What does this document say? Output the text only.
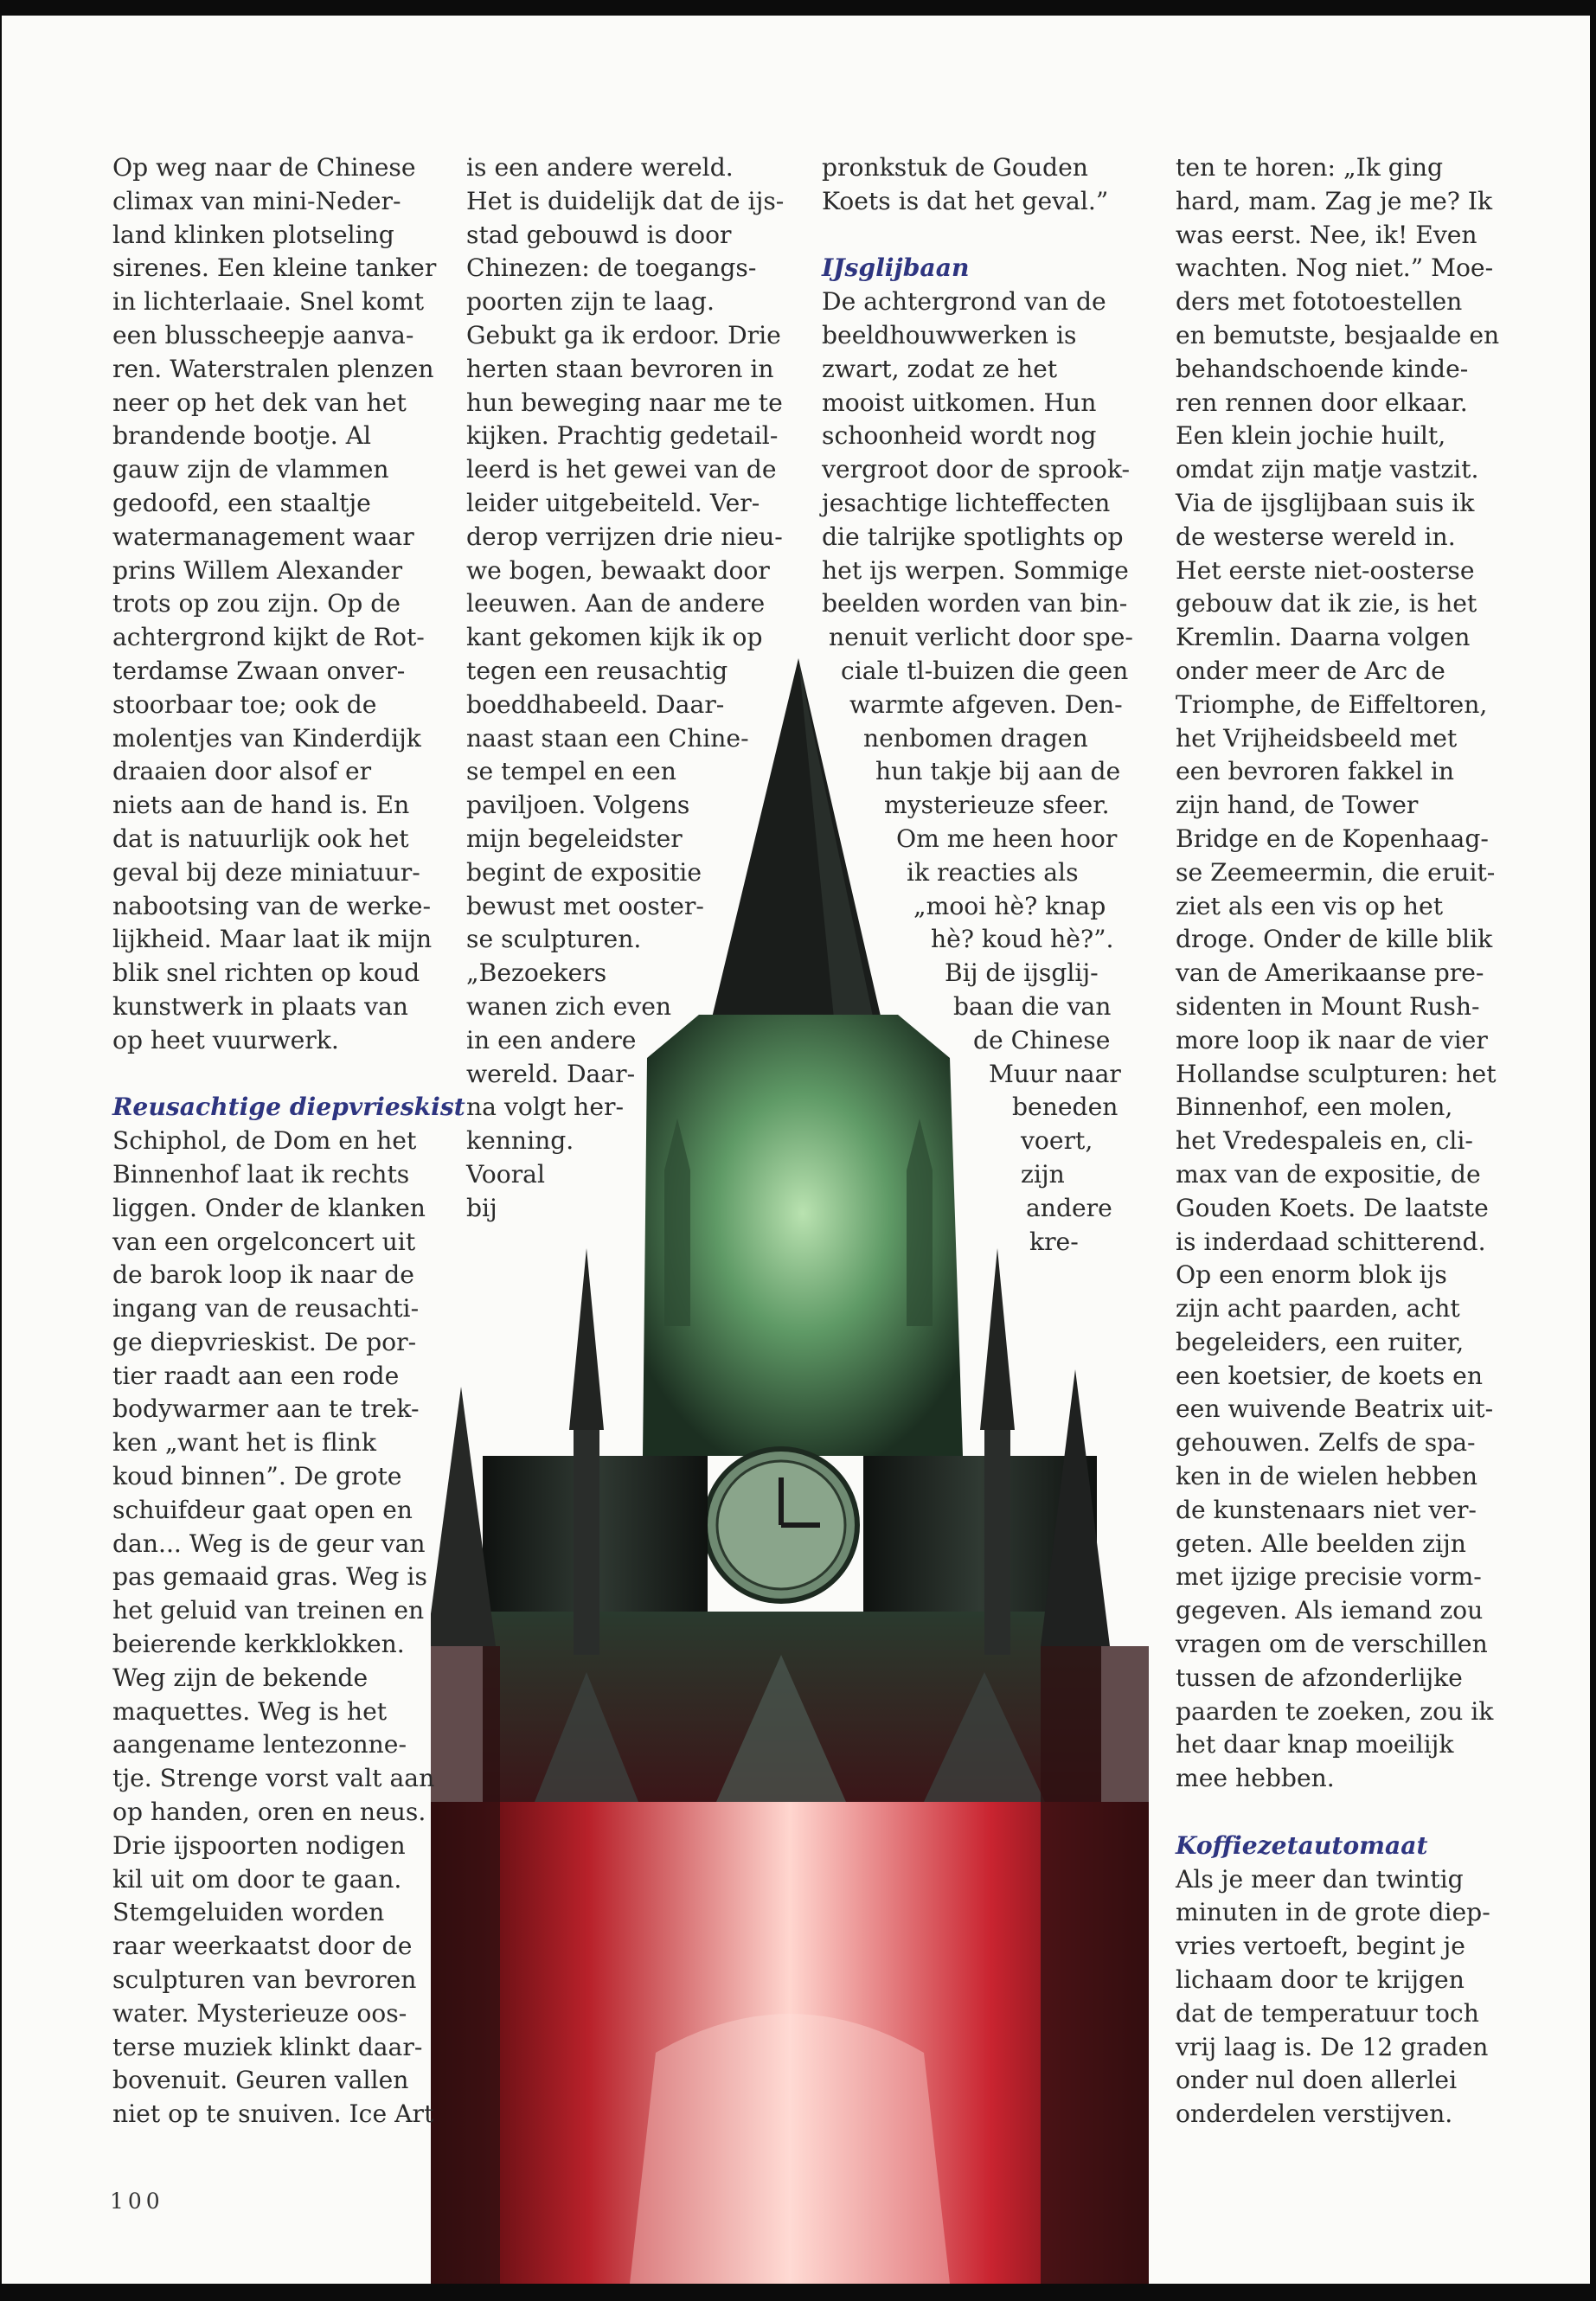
Op weg naar de Chinese
climax van mini-Neder-
land klinken plotseling
sirenes. Een kleine tanker
in lichterlaaie. Snel komt
een blusscheepje aanva-
ren. Waterstralen plenzen
neer op het dek van het
brandende bootje. Al
gauw zijn de vlammen
gedoofd, een staaltje
watermanagement waar
prins Willem Alexander
trots op zou zijn. Op de
achtergrond kijkt de Rot-
terdamse Zwaan onver-
stoorbaar toe; ook de
molentjes van Kinderdijk
draaien door alsof er
niets aan de hand is. En
dat is natuurlijk ook het
geval bij deze miniatuur-
nabootsing van de werke-
lijkheid. Maar laat ik mijn
blik snel richten op koud
kunstwerk in plaats van
op heet vuurwerk.
Reusachtige diepvrieskist
Schiphol, de Dom en het
Binnenhof laat ik rechts
liggen. Onder de klanken
van een orgelconcert uit
de barok loop ik naar de
ingang van de reusachti-
ge diepvrieskist. De por-
tier raadt aan een rode
bodywarmer aan te trek-
ken „want het is flink
koud binnen”. De grote
schuifdeur gaat open en
dan... Weg is de geur van
pas gemaaid gras. Weg is
het geluid van treinen en
beierende kerkklokken.
Weg zijn de bekende
maquettes. Weg is het
aangename lentezonne-
tje. Strenge vorst valt aan
op handen, oren en neus.
Drie ijspoorten nodigen
kil uit om door te gaan.
Stemgeluiden worden
raar weerkaatst door de
sculpturen van bevroren
water. Mysterieuze oos-
terse muziek klinkt daar-
bovenuit. Geuren vallen
niet op te snuiven. Ice Art
is een andere wereld.
Het is duidelijk dat de ijs-
stad gebouwd is door
Chinezen: de toegangs-
poorten zijn te laag.
Gebukt ga ik erdoor. Drie
herten staan bevroren in
hun beweging naar me te
kijken. Prachtig gedetail-
leerd is het gewei van de
leider uitgebeiteld. Ver-
derop verrijzen drie nieu-
we bogen, bewaakt door
leeuwen. Aan de andere
kant gekomen kijk ik op
tegen een reusachtig
boeddhabeeld. Daar-
naast staan een Chine-
se tempel en een
paviljoen. Volgens
mijn begeleidster
begint de expositie
bewust met ooster-
se sculpturen.
„Bezoekers
wanen zich even
in een andere
wereld. Daar-
na volgt her-
kenning.
Vooral
bij
pronkstuk de Gouden
Koets is dat het geval.”
IJsglijbaan
De achtergrond van de
beeldhouwwerken is
zwart, zodat ze het
mooist uitkomen. Hun
schoonheid wordt nog
vergroot door de sprook-
jesachtige lichteffecten
die talrijke spotlights op
het ijs werpen. Sommige
beelden worden van bin-
nenuit verlicht door spe-
ciale tl-buizen die geen
warmte afgeven. Den-
nenbomen dragen
hun takje bij aan de
mysterieuze sfeer.
Om me heen hoor
ik reacties als
„mooi hè? knap
hè? koud hè?”.
Bij de ijsglij-
baan die van
de Chinese
Muur naar
beneden
voert,
zijn
andere
kre-
ten te horen: „Ik ging
hard, mam. Zag je me? Ik
was eerst. Nee, ik! Even
wachten. Nog niet.” Moe-
ders met fototoestellen
en bemutste, besjaalde en
behandschoende kinde-
ren rennen door elkaar.
Een klein jochie huilt,
omdat zijn matje vastzit.
Via de ijsglijbaan suis ik
de westerse wereld in.
Het eerste niet-oosterse
gebouw dat ik zie, is het
Kremlin. Daarna volgen
onder meer de Arc de
Triomphe, de Eiffeltoren,
het Vrijheidsbeeld met
een bevroren fakkel in
zijn hand, de Tower
Bridge en de Kopenhaag-
se Zeemeermin, die eruit-
ziet als een vis op het
droge. Onder de kille blik
van de Amerikaanse pre-
sidenten in Mount Rush-
more loop ik naar de vier
Hollandse sculpturen: het
Binnenhof, een molen,
het Vredespaleis en, cli-
max van de expositie, de
Gouden Koets. De laatste
is inderdaad schitterend.
Op een enorm blok ijs
zijn acht paarden, acht
begeleiders, een ruiter,
een koetsier, de koets en
een wuivende Beatrix uit-
gehouwen. Zelfs de spa-
ken in de wielen hebben
de kunstenaars niet ver-
geten. Alle beelden zijn
met ijzige precisie vorm-
gegeven. Als iemand zou
vragen om de verschillen
tussen de afzonderlijke
paarden te zoeken, zou ik
het daar knap moeilijk
mee hebben.
Koffiezetautomaat
Als je meer dan twintig
minuten in de grote diep-
vries vertoeft, begint je
lichaam door te krijgen
dat de temperatuur toch
vrij laag is. De 12 graden
onder nul doen allerlei
onderdelen verstijven.
100
